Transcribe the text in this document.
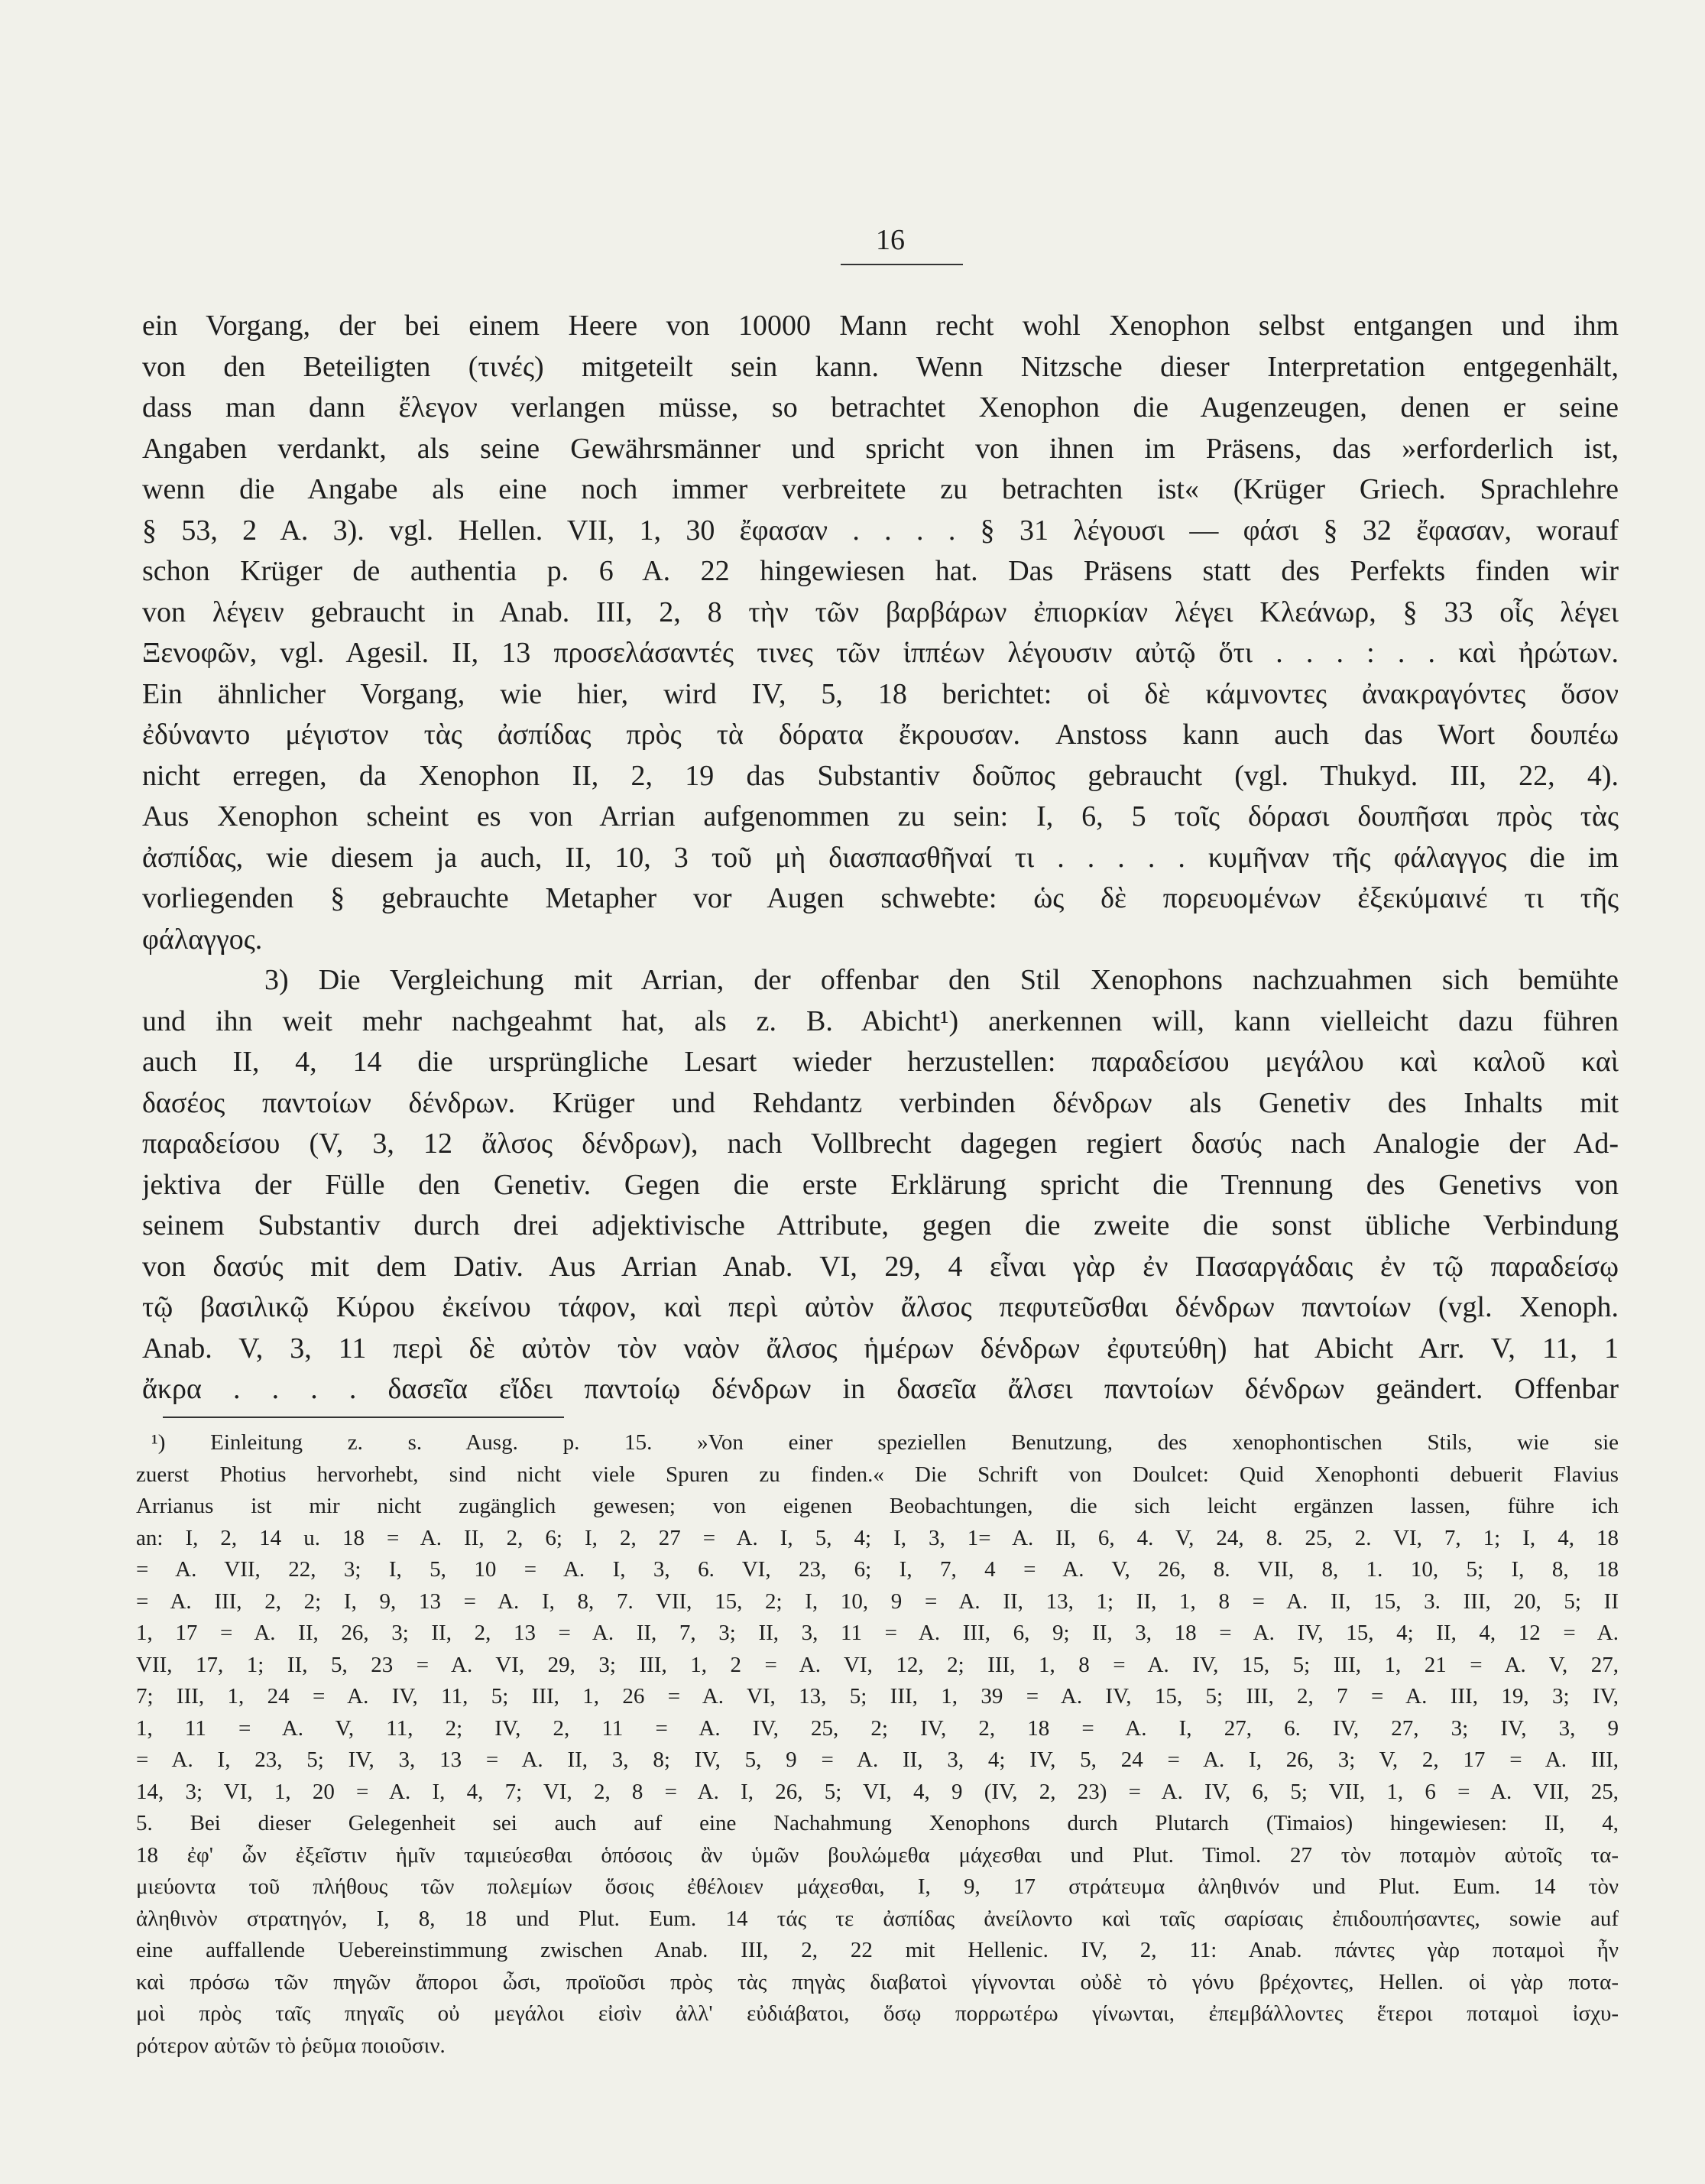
16
ein Vorgang, der bei einem Heere von 10000 Mann recht wohl Xenophon selbst entgangen und ihm
von den Beteiligten (τινές) mitgeteilt sein kann. Wenn Nitzsche dieser Interpretation entgegenhält,
dass man dann ἔλεγον verlangen müsse, so betrachtet Xenophon die Augenzeugen, denen er seine
Angaben verdankt, als seine Gewährsmänner und spricht von ihnen im Präsens, das »erforderlich ist,
wenn die Angabe als eine noch immer verbreitete zu betrachten ist« (Krüger Griech. Sprachlehre
§ 53, 2 A. 3). vgl. Hellen. VII, 1, 30 ἔφασαν . . . . § 31 λέγουσι — φάσι § 32 ἔφασαν, worauf
schon Krüger de authentia p. 6 A. 22 hingewiesen hat. Das Präsens statt des Perfekts finden wir
von λέγειν gebraucht in Anab. III, 2, 8 τὴν τῶν βαρβάρων ἐπιορκίαν λέγει Κλεάνωρ, § 33 οἷς λέγει
Ξενοφῶν, vgl. Agesil. II, 13 προσελάσαντές τινες τῶν ἱππέων λέγουσιν αὐτῷ ὅτι . . . : . . καὶ ἠρώτων.
Ein ähnlicher Vorgang, wie hier, wird IV, 5, 18 berichtet: οἱ δὲ κάμνοντες ἀνακραγόντες ὅσον
ἐδύναντο μέγιστον τὰς ἀσπίδας πρὸς τὰ δόρατα ἔκρουσαν. Anstoss kann auch das Wort δουπέω
nicht erregen, da Xenophon II, 2, 19 das Substantiv δοῦπος gebraucht (vgl. Thukyd. III, 22, 4).
Aus Xenophon scheint es von Arrian aufgenommen zu sein: I, 6, 5 τοῖς δόρασι δουπῆσαι πρὸς τὰς
ἀσπίδας, wie diesem ja auch, II, 10, 3 τοῦ μὴ διασπασθῆναί τι . . . . . κυμῆναν τῆς φάλαγγος die im
vorliegenden § gebrauchte Metapher vor Augen schwebte: ὡς δὲ πορευομένων ἐξεκύμαινέ τι τῆς
φάλαγγος.
3) Die Vergleichung mit Arrian, der offenbar den Stil Xenophons nachzuahmen sich bemühte
und ihn weit mehr nachgeahmt hat, als z. B. Abicht¹) anerkennen will, kann vielleicht dazu führen
auch II, 4, 14 die ursprüngliche Lesart wieder herzustellen: παραδείσου μεγάλου καὶ καλοῦ καὶ
δασέος παντοίων δένδρων. Krüger und Rehdantz verbinden δένδρων als Genetiv des Inhalts mit
παραδείσου (V, 3, 12 ἄλσος δένδρων), nach Vollbrecht dagegen regiert δασύς nach Analogie der Ad-
jektiva der Fülle den Genetiv. Gegen die erste Erklärung spricht die Trennung des Genetivs von
seinem Substantiv durch drei adjektivische Attribute, gegen die zweite die sonst übliche Verbindung
von δασύς mit dem Dativ. Aus Arrian Anab. VI, 29, 4 εἶναι γὰρ ἐν Πασαργάδαις ἐν τῷ παραδείσῳ
τῷ βασιλικῷ Κύρου ἐκείνου τάφον, καὶ περὶ αὐτὸν ἄλσος πεφυτεῦσθαι δένδρων παντοίων (vgl. Xenoph.
Anab. V, 3, 11 περὶ δὲ αὐτὸν τὸν ναὸν ἄλσος ἡμέρων δένδρων ἐφυτεύθη) hat Abicht Arr. V, 11, 1
ἄκρα . . . . δασεῖα εἴδει παντοίῳ δένδρων in δασεῖα ἄλσει παντοίων δένδρων geändert. Offenbar
¹) Einleitung z. s. Ausg. p. 15. »Von einer speziellen Benutzung, des xenophontischen Stils, wie sie
zuerst Photius hervorhebt, sind nicht viele Spuren zu finden.« Die Schrift von Doulcet: Quid Xenophonti debuerit Flavius
Arrianus ist mir nicht zugänglich gewesen; von eigenen Beobachtungen, die sich leicht ergänzen lassen, führe ich
an: I, 2, 14 u. 18 = A. II, 2, 6; I, 2, 27 = A. I, 5, 4; I, 3, 1= A. II, 6, 4. V, 24, 8. 25, 2. VI, 7, 1; I, 4, 18
= A. VII, 22, 3; I, 5, 10 = A. I, 3, 6. VI, 23, 6; I, 7, 4 = A. V, 26, 8. VII, 8, 1. 10, 5; I, 8, 18
= A. III, 2, 2; I, 9, 13 = A. I, 8, 7. VII, 15, 2; I, 10, 9 = A. II, 13, 1; II, 1, 8 = A. II, 15, 3. III, 20, 5; II
1, 17 = A. II, 26, 3; II, 2, 13 = A. II, 7, 3; II, 3, 11 = A. III, 6, 9; II, 3, 18 = A. IV, 15, 4; II, 4, 12 = A.
VII, 17, 1; II, 5, 23 = A. VI, 29, 3; III, 1, 2 = A. VI, 12, 2; III, 1, 8 = A. IV, 15, 5; III, 1, 21 = A. V, 27,
7; III, 1, 24 = A. IV, 11, 5; III, 1, 26 = A. VI, 13, 5; III, 1, 39 = A. IV, 15, 5; III, 2, 7 = A. III, 19, 3; IV,
1, 11 = A. V, 11, 2; IV, 2, 11 = A. IV, 25, 2; IV, 2, 18 = A. I, 27, 6. IV, 27, 3; IV, 3, 9
= A. I, 23, 5; IV, 3, 13 = A. II, 3, 8; IV, 5, 9 = A. II, 3, 4; IV, 5, 24 = A. I, 26, 3; V, 2, 17 = A. III,
14, 3; VI, 1, 20 = A. I, 4, 7; VI, 2, 8 = A. I, 26, 5; VI, 4, 9 (IV, 2, 23) = A. IV, 6, 5; VII, 1, 6 = A. VII, 25,
5. Bei dieser Gelegenheit sei auch auf eine Nachahmung Xenophons durch Plutarch (Timaios) hingewiesen: II, 4,
18 ἐφ' ὧν ἐξεῖστιν ἡμῖν ταμιεύεσθαι ὁπόσοις ἂν ὑμῶν βουλώμεθα μάχεσθαι und Plut. Timol. 27 τὸν ποταμὸν αὐτοῖς τα-
μιεύοντα τοῦ πλήθους τῶν πολεμίων ὅσοις ἐθέλοιεν μάχεσθαι, I, 9, 17 στράτευμα ἀληθινόν und Plut. Eum. 14 τὸν
ἀληθινὸν στρατηγόν, I, 8, 18 und Plut. Eum. 14 τάς τε ἀσπίδας ἀνείλοντο καὶ ταῖς σαρίσαις ἐπιδουπήσαντες, sowie auf
eine auffallende Uebereinstimmung zwischen Anab. III, 2, 22 mit Hellenic. IV, 2, 11: Anab. πάντες γὰρ ποταμοὶ ἦν
καὶ πρόσω τῶν πηγῶν ἄποροι ὦσι, προϊοῦσι πρὸς τὰς πηγὰς διαβατοὶ γίγνονται οὐδὲ τὸ γόνυ βρέχοντες, Hellen. οἱ γὰρ ποτα-
μοὶ πρὸς ταῖς πηγαῖς οὐ μεγάλοι εἰσὶν ἀλλ' εὐδιάβατοι, ὅσῳ πορρωτέρω γίνωνται, ἐπεμβάλλοντες ἕτεροι ποταμοὶ ἰσχυ-
ρότερον αὐτῶν τὸ ῥεῦμα ποιοῦσιν.
